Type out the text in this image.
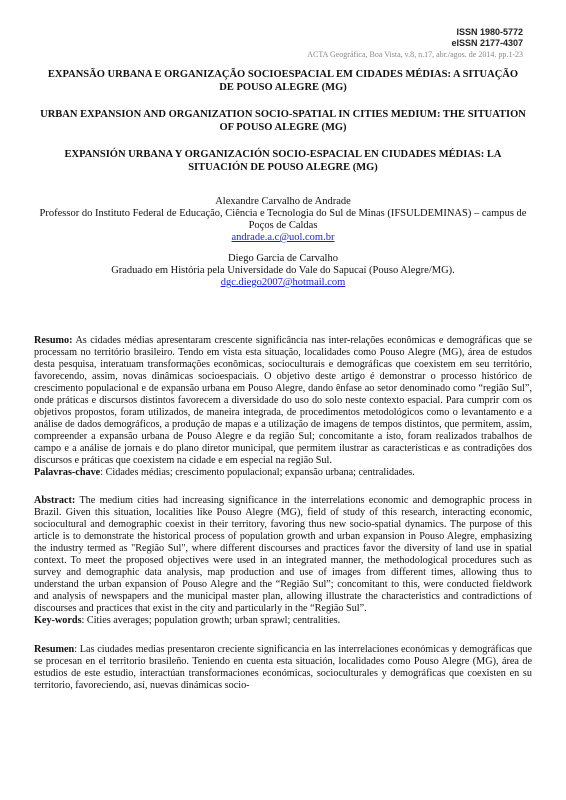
ISSN 1980-5772
eISSN 2177-4307
ACTA Geográfica, Boa Vista, v.8, n.17, abr./agos. de 2014. pp.1-23

EXPANSÃO URBANA E ORGANIZAÇÃO SOCIOESPACIAL EM CIDADES MÉDIAS: A SITUAÇÃO DE POUSO ALEGRE (MG)

URBAN EXPANSION AND ORGANIZATION SOCIO-SPATIAL IN CITIES MEDIUM: THE SITUATION OF POUSO ALEGRE (MG)

EXPANSIÓN URBANA Y ORGANIZACIÓN SOCIO-ESPACIAL EN CIUDADES MÉDIAS: LA SITUACIÓN DE POUSO ALEGRE (MG)

Alexandre Carvalho de Andrade
Professor do Instituto Federal de Educação, Ciência e Tecnologia do Sul de Minas (IFSULDEMINAS) – campus de Poços de Caldas
andrade.a.c@uol.com.br
Diego Garcia de Carvalho
Graduado em História pela Universidade do Vale do Sapucaí (Pouso Alegre/MG).
dgc.diego2007@hotmail.com

Resumo: As cidades médias apresentaram crescente significância nas inter-relações econômicas e demográficas que se processam no território brasileiro. Tendo em vista esta situação, localidades como Pouso Alegre (MG), área de estudos desta pesquisa, interatuam transformações econômicas, socioculturais e demográficas que coexistem em seu território, favorecendo, assim, novas dinâmicas socioespaciais. O objetivo deste artigo é demonstrar o processo histórico de crescimento populacional e de expansão urbana em Pouso Alegre, dando ênfase ao setor denominado como “região Sul”, onde práticas e discursos distintos favorecem a diversidade do uso do solo neste contexto espacial. Para cumprir com os objetivos propostos, foram utilizados, de maneira integrada, de procedimentos metodológicos como o levantamento e a análise de dados demográficos, a produção de mapas e a utilização de imagens de tempos distintos, que permitem, assim, compreender a expansão urbana de Pouso Alegre e da região Sul; concomitante a isto, foram realizados trabalhos de campo e a análise de jornais e do plano diretor municipal, que permitem ilustrar as características e as contradições dos discursos e práticas que coexistem na cidade e em especial na região Sul.

Palavras-chave: Cidades médias; crescimento populacional; expansão urbana; centralidades.

Abstract: The medium cities had increasing significance in the interrelations economic and demographic process in Brazil. Given this situation, localities like Pouso Alegre (MG), field of study of this research, interacting economic, sociocultural and demographic coexist in their territory, favoring thus new socio-spatial dynamics. The purpose of this article is to demonstrate the historical process of population growth and urban expansion in Pouso Alegre, emphasizing the industry termed as "Região Sul", where different discourses and practices favor the diversity of land use in spatial context. To meet the proposed objectives were used in an integrated manner, the methodological procedures such as survey and demographic data analysis, map production and use of images from different times, allowing thus to understand the urban expansion of Pouso Alegre and the “Região Sul”; concomitant to this, were conducted fieldwork and analysis of newspapers and the municipal master plan, allowing illustrate the characteristics and contradictions of discourses and practices that exist in the city and particularly in the “Região Sul”.

Key-words: Cities averages; population growth; urban sprawl; centralities.

Resumen: Las ciudades medias presentaron creciente significancia en las interrelaciones económicas y demográficas que se procesan en el territorio brasileño. Teniendo en cuenta esta situación, localidades como Pouso Alegre (MG), área de estudios de este estudio, interactúan transformaciones económicas, socioculturales y demográficas que coexisten en su territorio, favoreciendo, así, nuevas dinámicas socio-
